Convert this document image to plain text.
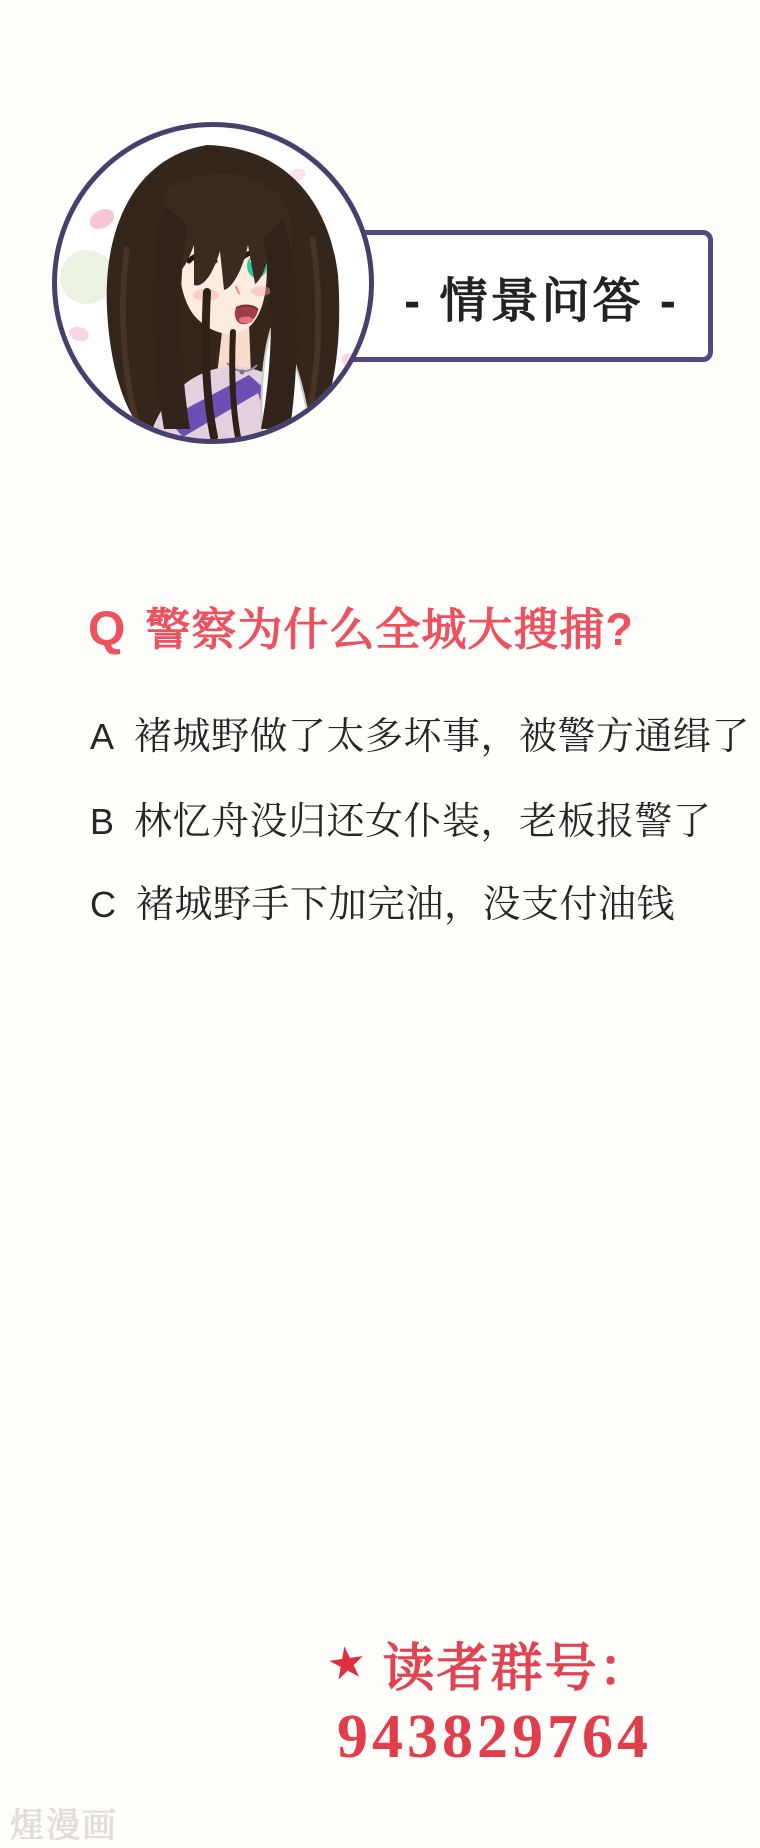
- 情景问答 -
Q 警察为什么全城大搜捕?
A 褚城野做了太多坏事，被警方通缉了
B 林忆舟没归还女仆装，老板报警了
C 褚城野手下加完油，没支付油钱
★ 读者群号：
943829764
煋漫画
